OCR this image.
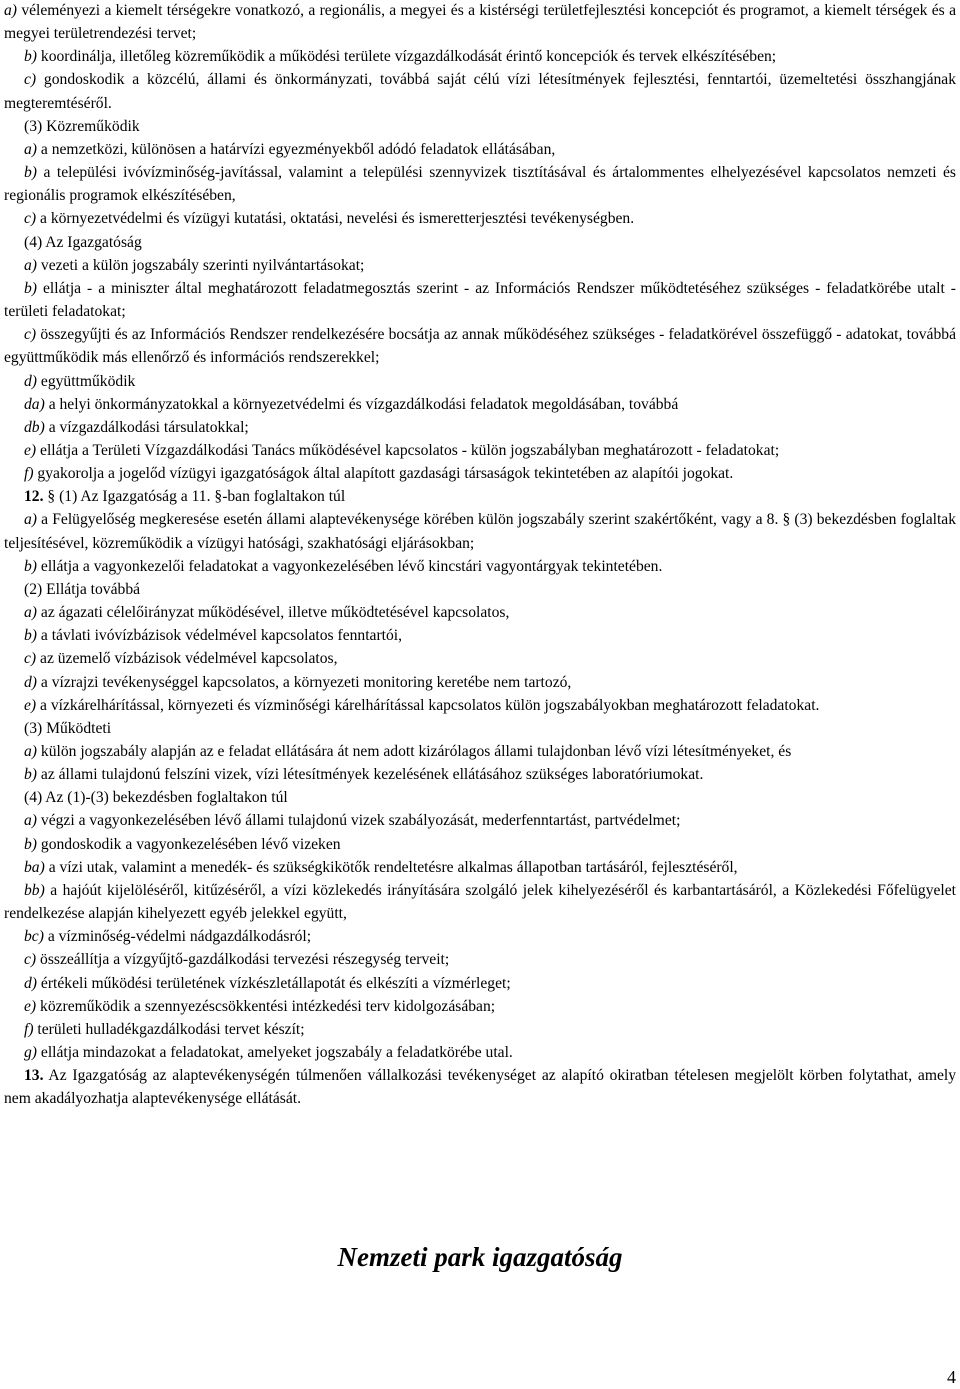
a) véleményezi a kiemelt térségekre vonatkozó, a regionális, a megyei és a kistérségi területfejlesztési koncepciót és programot, a kiemelt térségek és a megyei területrendezési tervet;

b) koordinálja, illetőleg közreműködik a működési területe vízgazdálkodását érintő koncepciók és tervek elkészítésében;

c) gondoskodik a közcélú, állami és önkormányzati, továbbá saját célú vízi létesítmények fejlesztési, fenntartói, üzemeltetési összhangjának megteremtéséről.

(3) Közreműködik

a) a nemzetközi, különösen a határvízi egyezményekből adódó feladatok ellátásában,

b) a települési ivóvízminőség-javítással, valamint a települési szennyvizek tisztításával és ártalommentes elhelyezésével kapcsolatos nemzeti és regionális programok elkészítésében,

c) a környezetvédelmi és vízügyi kutatási, oktatási, nevelési és ismeretterjesztési tevékenységben.

(4) Az Igazgatóság

a) vezeti a külön jogszabály szerinti nyilvántartásokat;

b) ellátja - a miniszter által meghatározott feladatmegosztás szerint - az Információs Rendszer működtetéséhez szükséges - feladatkörébe utalt - területi feladatokat;

c) összegyűjti és az Információs Rendszer rendelkezésére bocsátja az annak működéséhez szükséges - feladatkörével összefüggő - adatokat, továbbá együttműködik más ellenőrző és információs rendszerekkel;

d) együttműködik

da) a helyi önkormányzatokkal a környezetvédelmi és vízgazdálkodási feladatok megoldásában, továbbá

db) a vízgazdálkodási társulatokkal;

e) ellátja a Területi Vízgazdálkodási Tanács működésével kapcsolatos - külön jogszabályban meghatározott - feladatokat;

f) gyakorolja a jogelőd vízügyi igazgatóságok által alapított gazdasági társaságok tekintetében az alapítói jogokat.

12. § (1) Az Igazgatóság a 11. §-ban foglaltakon túl

a) a Felügyelőség megkeresése esetén állami alaptevékenysége körében külön jogszabály szerint szakértőként, vagy a 8. § (3) bekezdésben foglaltak teljesítésével, közreműködik a vízügyi hatósági, szakhatósági eljárásokban;

b) ellátja a vagyonkezelői feladatokat a vagyonkezelésében lévő kincstári vagyontárgyak tekintetében.

(2) Ellátja továbbá

a) az ágazati célelőirányzat működésével, illetve működtetésével kapcsolatos,

b) a távlati ivóvízbázisok védelmével kapcsolatos fenntartói,

c) az üzemelő vízbázisok védelmével kapcsolatos,

d) a vízrajzi tevékenységgel kapcsolatos, a környezeti monitoring keretébe nem tartozó,

e) a vízkárelhárítással, környezeti és vízminőségi kárelhárítással kapcsolatos külön jogszabályokban meghatározott feladatokat.

(3) Működteti

a) külön jogszabály alapján az e feladat ellátására át nem adott kizárólagos állami tulajdonban lévő vízi létesítményeket, és

b) az állami tulajdonú felszíni vizek, vízi létesítmények kezelésének ellátásához szükséges laboratóriumokat.

(4) Az (1)-(3) bekezdésben foglaltakon túl

a) végzi a vagyonkezelésében lévő állami tulajdonú vizek szabályozását, mederfenntartást, partvédelmet;

b) gondoskodik a vagyonkezelésében lévő vizeken

ba) a vízi utak, valamint a menedék- és szükségkikötők rendeltetésre alkalmas állapotban tartásáról, fejlesztéséről,

bb) a hajóút kijelöléséről, kitűzéséről, a vízi közlekedés irányítására szolgáló jelek kihelyezéséről és karbantartásáról, a Közlekedési Főfelügyelet rendelkezése alapján kihelyezett egyéb jelekkel együtt,

bc) a vízminőség-védelmi nádgazdálkodásról;

c) összeállítja a vízgyűjtő-gazdálkodási tervezési részegység terveit;

d) értékeli működési területének vízkészletállapotát és elkészíti a vízmérleget;

e) közreműködik a szennyezéscsökkentési intézkedési terv kidolgozásában;

f) területi hulladékgazdálkodási tervet készít;

g) ellátja mindazokat a feladatokat, amelyeket jogszabály a feladatkörébe utal.

13. Az Igazgatóság az alaptevékenységén túlmenően vállalkozási tevékenységet az alapító okiratban tételesen megjelölt körben folytathat, amely nem akadályozhatja alaptevékenysége ellátását.

Nemzeti park igazgatóság
4
